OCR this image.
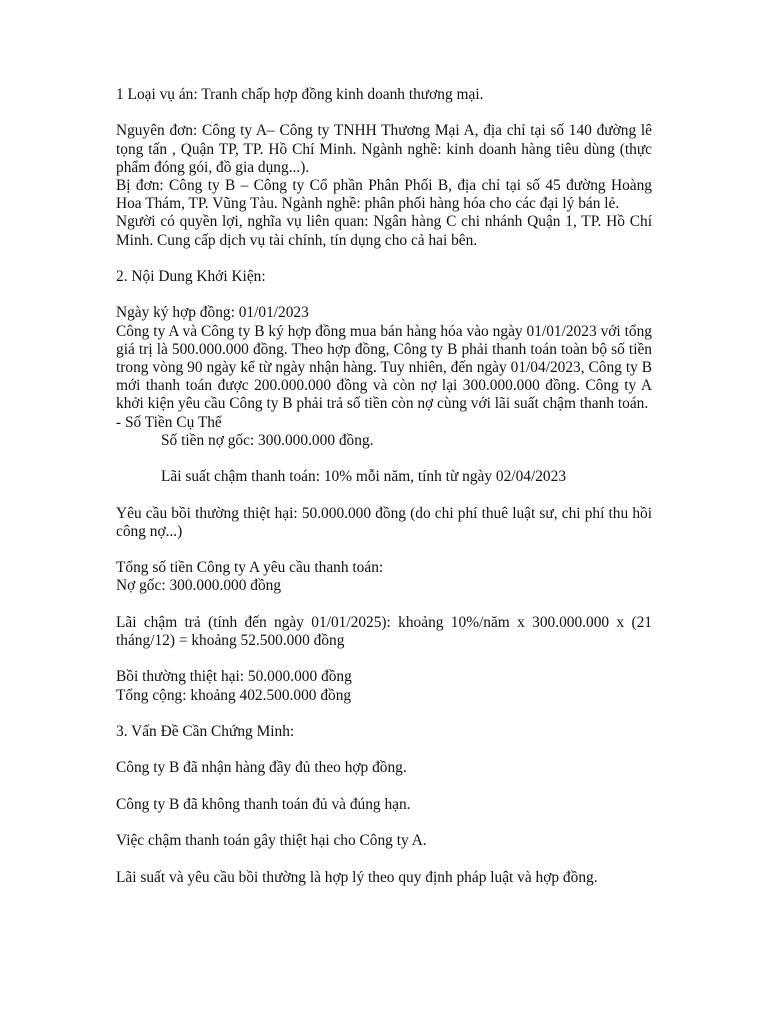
1 Loại vụ án: Tranh chấp hợp đồng kinh doanh thương mại.

Nguyên đơn: Công ty A– Công ty TNHH Thương Mại A, địa chỉ tại số 140 đường lê tọng tấn , Quận TP, TP. Hồ Chí Minh. Ngành nghề: kinh doanh hàng tiêu dùng (thực phẩm đóng gói, đồ gia dụng...).

Bị đơn: Công ty B – Công ty Cổ phần Phân Phối B, địa chỉ tại số 45 đường Hoàng Hoa Thám, TP. Vũng Tàu. Ngành nghề: phân phối hàng hóa cho các đại lý bán lẻ.

Người có quyền lợi, nghĩa vụ liên quan: Ngân hàng C chi nhánh Quận 1, TP. Hồ Chí Minh. Cung cấp dịch vụ tài chính, tín dụng cho cả hai bên.

2. Nội Dung Khởi Kiện:

Ngày ký hợp đồng: 01/01/2023

Công ty A và Công ty B ký hợp đồng mua bán hàng hóa vào ngày 01/01/2023 với tổng giá trị là 500.000.000 đồng. Theo hợp đồng, Công ty B phải thanh toán toàn bộ số tiền trong vòng 90 ngày kể từ ngày nhận hàng. Tuy nhiên, đến ngày 01/04/2023, Công ty B mới thanh toán được 200.000.000 đồng và còn nợ lại 300.000.000 đồng. Công ty A khởi kiện yêu cầu Công ty B phải trả số tiền còn nợ cùng với lãi suất chậm thanh toán.

- Số Tiền Cụ Thể

Số tiền nợ gốc: 300.000.000 đồng.

Lãi suất chậm thanh toán: 10% mỗi năm, tính từ ngày 02/04/2023

Yêu cầu bồi thường thiệt hại: 50.000.000 đồng (do chi phí thuê luật sư, chi phí thu hồi công nợ...)

Tổng số tiền Công ty A yêu cầu thanh toán:

Nợ gốc: 300.000.000 đồng

Lãi chậm trả (tính đến ngày 01/01/2025): khoảng 10%/năm x 300.000.000 x (21 tháng/12) = khoảng 52.500.000 đồng

Bồi thường thiệt hại: 50.000.000 đồng

Tổng cộng: khoảng 402.500.000 đồng

3. Vấn Đề Cần Chứng Minh:

Công ty B đã nhận hàng đầy đủ theo hợp đồng.

Công ty B đã không thanh toán đủ và đúng hạn.

Việc chậm thanh toán gây thiệt hại cho Công ty A.

Lãi suất và yêu cầu bồi thường là hợp lý theo quy định pháp luật và hợp đồng.
